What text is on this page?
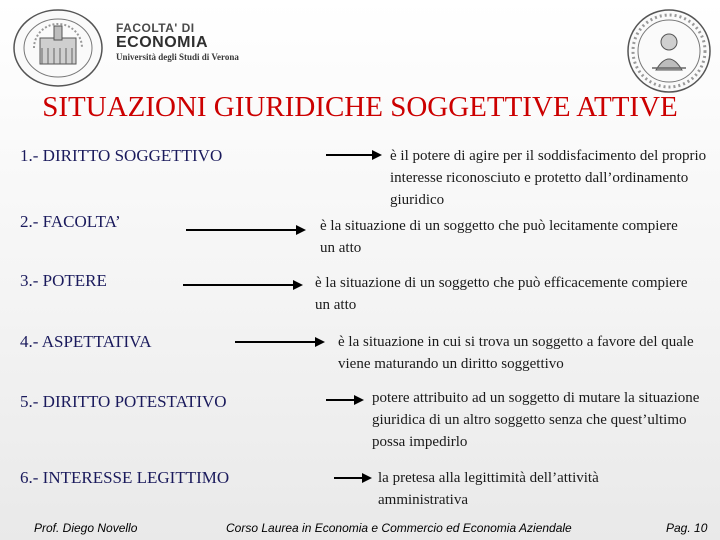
FACOLTA' DI
ECONOMIA
Università degli Studi di Verona
SITUAZIONI GIURIDICHE SOGGETTIVE ATTIVE
1.- DIRITTO SOGGETTIVO	è il potere di agire per il soddisfacimento del proprio interesse riconosciuto e protetto dall’ordinamento giuridico
2.- FACOLTA’	è la situazione di un soggetto che può lecitamente compiere un atto
3.- POTERE	è la situazione di un soggetto che può efficacemente compiere un atto
4.- ASPETTATIVA	è la situazione in cui si trova un soggetto a favore del quale viene maturando un diritto soggettivo
5.- DIRITTO POTESTATIVO	potere attribuito ad un soggetto di mutare la situazione giuridica di un altro soggetto senza che quest’ultimo possa impedirlo
6.- INTERESSE LEGITTIMO	la pretesa alla legittimità dell’attività amministrativa
Prof. Diego Novello	Corso Laurea in Economia e Commercio ed Economia Aziendale	Pag. 10
